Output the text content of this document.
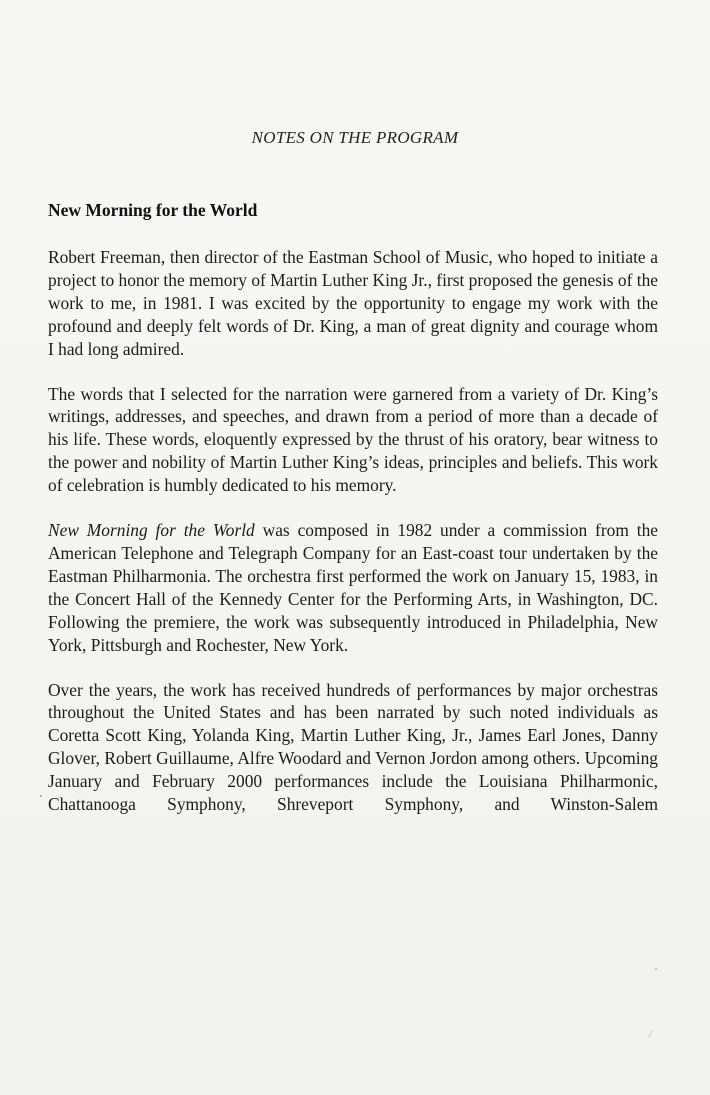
NOTES ON THE PROGRAM
New Morning for the World

Robert Freeman, then director of the Eastman School of Music, who hoped to initiate a project to honor the memory of Martin Luther King Jr., first proposed the genesis of the work to me, in 1981. I was excited by the opportunity to engage my work with the profound and deeply felt words of Dr. King, a man of great dignity and courage whom I had long admired.

The words that I selected for the narration were garnered from a variety of Dr. King’s writings, addresses, and speeches, and drawn from a period of more than a decade of his life. These words, eloquently expressed by the thrust of his oratory, bear witness to the power and nobility of Martin Luther King’s ideas, principles and beliefs. This work of celebration is humbly dedicated to his memory.

New Morning for the World was composed in 1982 under a commission from the American Telephone and Telegraph Company for an East-coast tour undertaken by the Eastman Philharmonia. The orchestra first performed the work on January 15, 1983, in the Concert Hall of the Kennedy Center for the Performing Arts, in Washington, DC. Following the premiere, the work was subsequently introduced in Philadelphia, New York, Pittsburgh and Rochester, New York.

Over the years, the work has received hundreds of performances by major orchestras throughout the United States and has been narrated by such noted individuals as Coretta Scott King, Yolanda King, Martin Luther King, Jr., James Earl Jones, Danny Glover, Robert Guillaume, Alfre Woodard and Vernon Jordon among others. Upcoming January and February 2000 performances include the Louisiana Philharmonic, Chattanooga Symphony, Shreveport Symphony, and Winston-Salem
